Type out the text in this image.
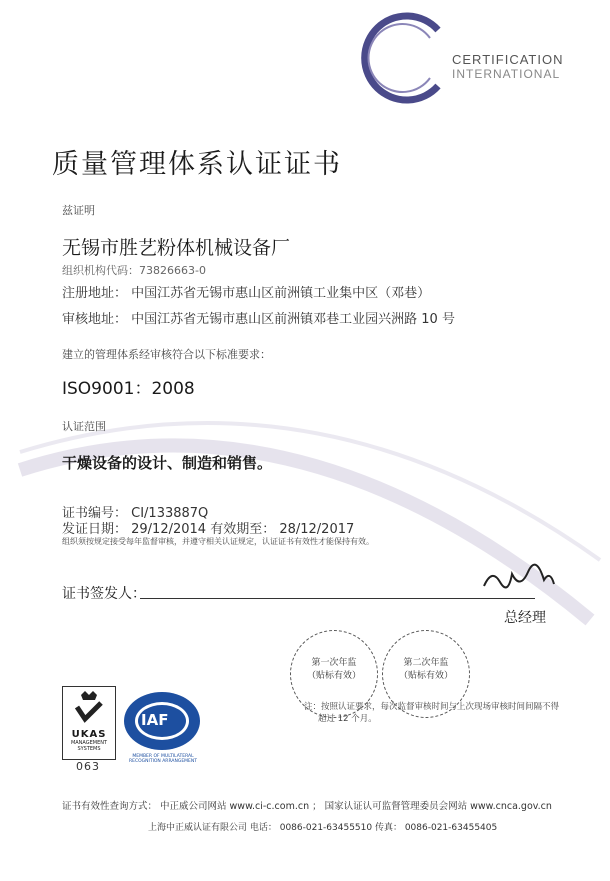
CERTIFICATION
INTERNATIONAL
质量管理体系认证证书
兹证明
无锡市胜艺粉体机械设备厂
组织机构代码：73826663-0
注册地址： 中国江苏省无锡市惠山区前洲镇工业集中区（邓巷）
审核地址： 中国江苏省无锡市惠山区前洲镇邓巷工业园兴洲路 10 号
建立的管理体系经审核符合以下标准要求：
ISO9001：2008
认证范围
干燥设备的设计、制造和销售。
证书编号： CI/133887Q
发证日期： 29/12/2014 有效期至： 28/12/2017
组织须按规定接受每年监督审核，并遵守相关认证规定，认证证书有效性才能保持有效。
证书签发人：
总经理
第一次年监
（贴标有效）
第二次年监
（贴标有效）
注：按照认证要求，每次监督审核时间与上次现场审核时间间隔不得
超过 12 个月。
UKAS
MANAGEMENT
SYSTEMS
063
IAF
MEMBER OF MULTILATERAL RECOGNITION ARRANGEMENT
证书有效性查询方式： 中正威公司网站 www.ci-c.com.cn ； 国家认证认可监督管理委员会网站 www.cnca.gov.cn
上海中正威认证有限公司 电话： 0086-021-63455510 传真： 0086-021-63455405
